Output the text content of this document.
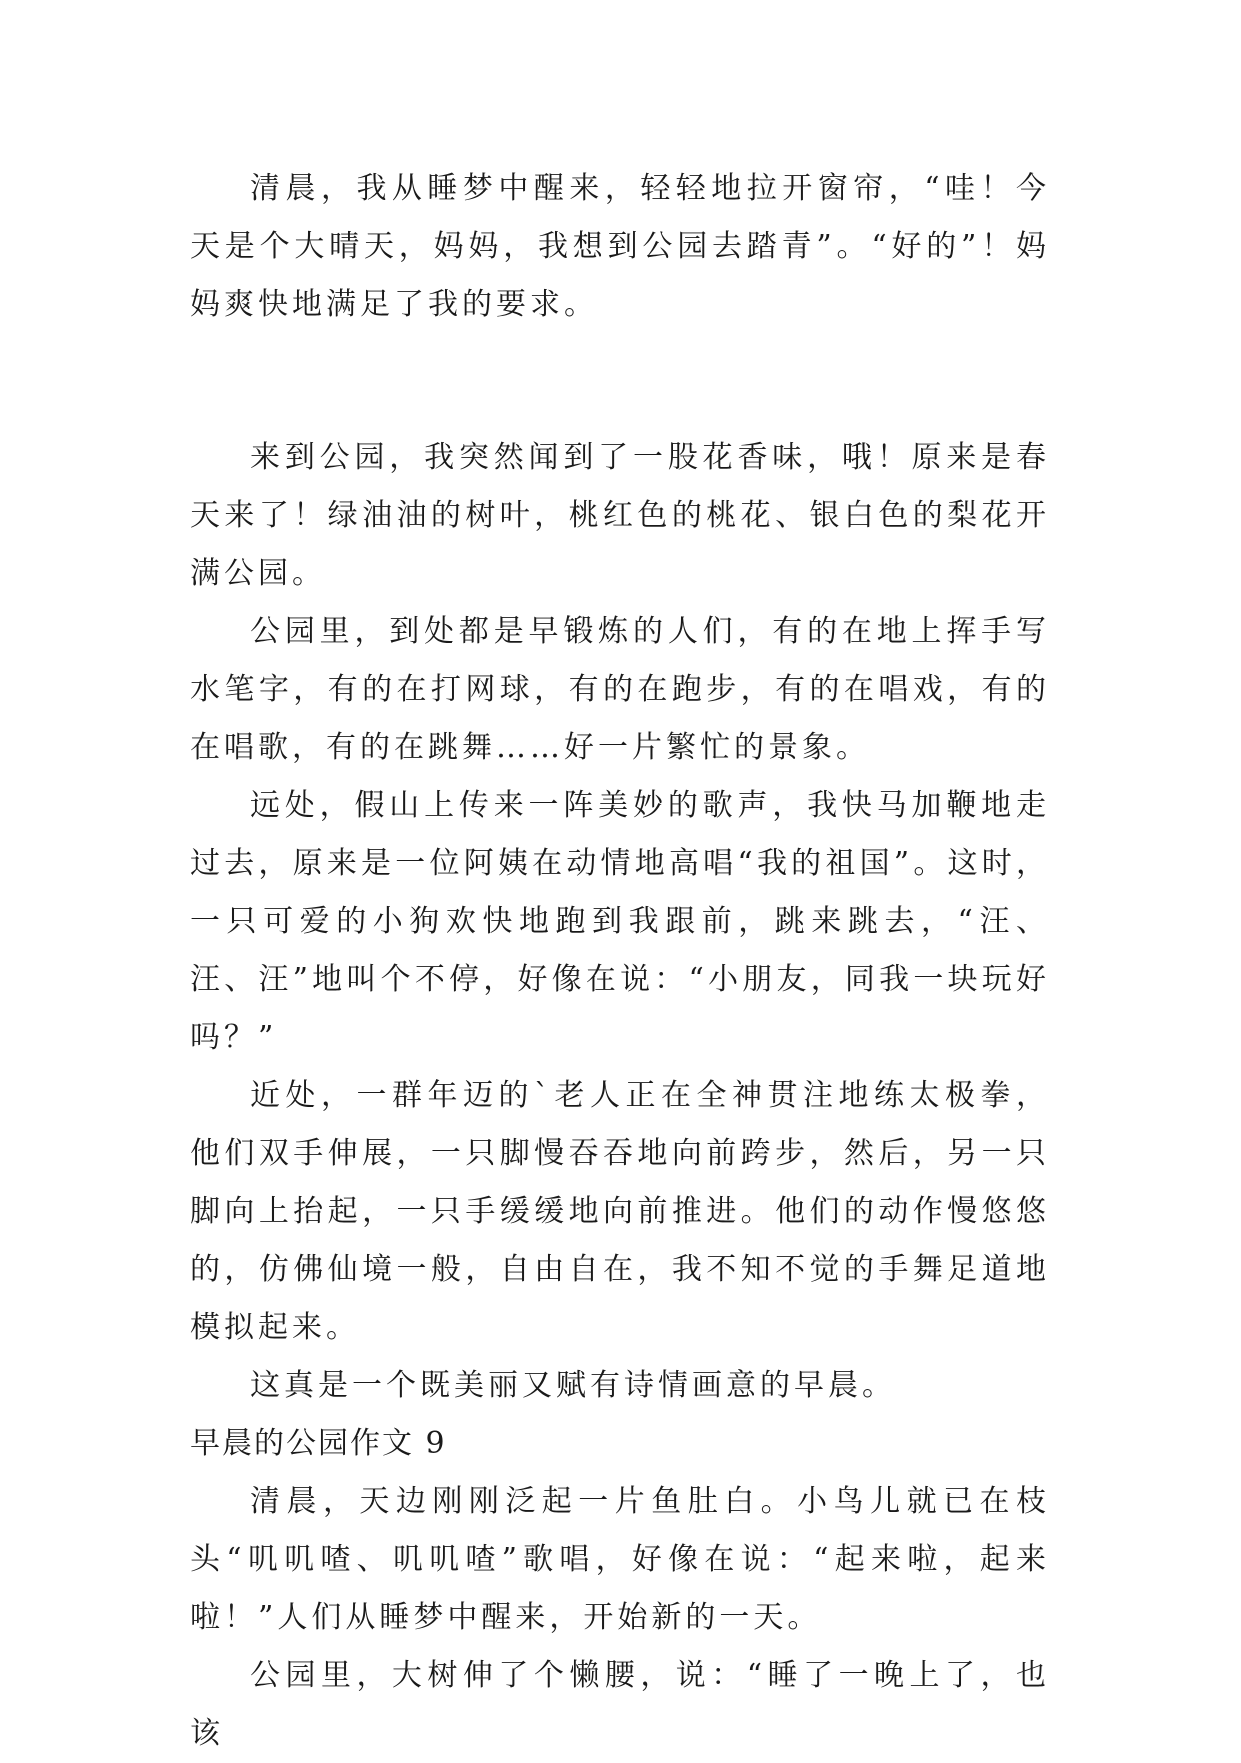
清晨，我从睡梦中醒来，轻轻地拉开窗帘，“哇！今天是个大晴天，妈妈，我想到公园去踏青”。“好的”！妈妈爽快地满足了我的要求。

来到公园，我突然闻到了一股花香味，哦！原来是春天来了！绿油油的树叶，桃红色的桃花、银白色的梨花开满公园。

公园里，到处都是早锻炼的人们，有的在地上挥手写水笔字，有的在打网球，有的在跑步，有的在唱戏，有的在唱歌，有的在跳舞……好一片繁忙的景象。

远处，假山上传来一阵美妙的歌声，我快马加鞭地走过去，原来是一位阿姨在动情地高唱“我的祖国”。这时，一只可爱的小狗欢快地跑到我跟前，跳来跳去，“汪、汪、汪”地叫个不停，好像在说：“小朋友，同我一块玩好吗？”

近处，一群年迈的`老人正在全神贯注地练太极拳，他们双手伸展，一只脚慢吞吞地向前跨步，然后，另一只脚向上抬起，一只手缓缓地向前推进。他们的动作慢悠悠的，仿佛仙境一般，自由自在，我不知不觉的手舞足道地模拟起来。

这真是一个既美丽又赋有诗情画意的早晨。

早晨的公园作文 9

清晨，天边刚刚泛起一片鱼肚白。小鸟儿就已在枝头“叽叽喳、叽叽喳”歌唱，好像在说：“起来啦，起来啦！”人们从睡梦中醒来，开始新的一天。

公园里，大树伸了个懒腰，说：“睡了一晚上了，也该
